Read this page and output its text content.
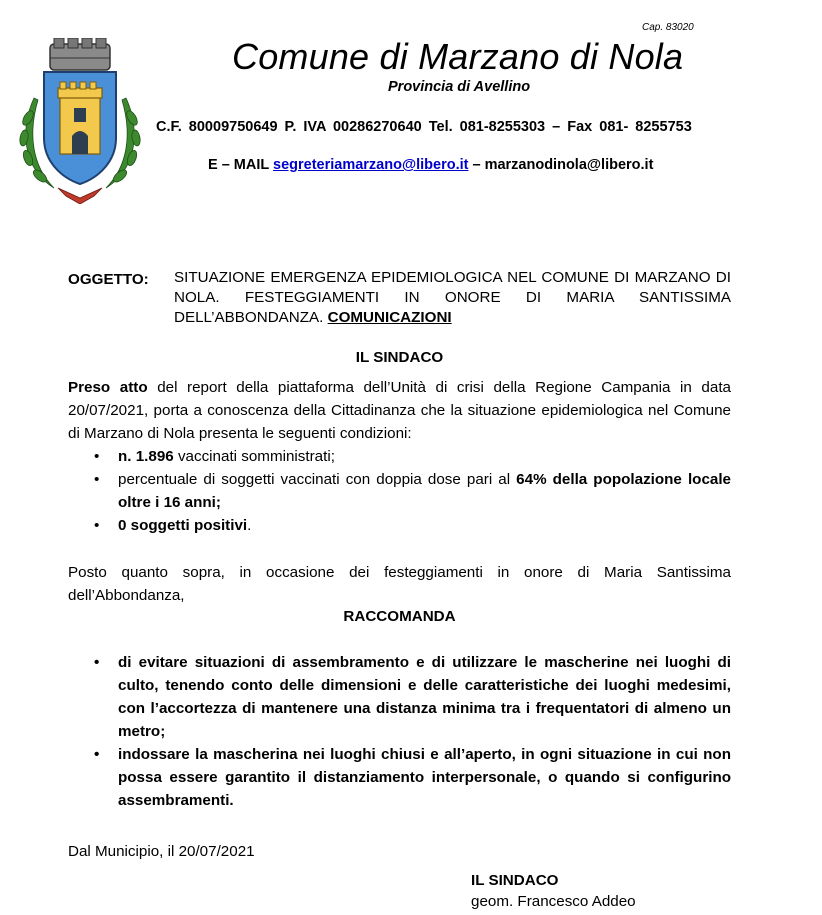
Cap. 83020
Comune di Marzano di Nola
Provincia di Avellino
C.F. 80009750649 P. IVA 00286270640 Tel. 081-8255303 – Fax 081- 8255753
E – MAIL segreteriamarzano@libero.it – marzanodinola@libero.it
OGGETTO:	SITUAZIONE EMERGENZA EPIDEMIOLOGICA NEL COMUNE DI MARZANO DI NOLA. FESTEGGIAMENTI IN ONORE DI MARIA SANTISSIMA DELL’ABBONDANZA. COMUNICAZIONI
IL SINDACO
Preso atto del report della piattaforma dell’Unità di crisi della Regione Campania in data 20/07/2021, porta a conoscenza della Cittadinanza che la situazione epidemiologica nel Comune di Marzano di Nola presenta le seguenti condizioni:
• n. 1.896 vaccinati somministrati;
• percentuale di soggetti vaccinati con doppia dose pari al 64% della popolazione locale oltre i 16 anni;
• 0 soggetti positivi.
Posto quanto sopra, in occasione dei festeggiamenti in onore di Maria Santissima dell’Abbondanza,
RACCOMANDA
• di evitare situazioni di assembramento e di utilizzare le mascherine nei luoghi di culto, tenendo conto delle dimensioni e delle caratteristiche dei luoghi medesimi, con l’accortezza di mantenere una distanza minima tra i frequentatori di almeno un metro;
• indossare la mascherina nei luoghi chiusi e all’aperto, in ogni situazione in cui non possa essere garantito il distanziamento interpersonale, o quando si configurino assembramenti.
Dal Municipio, il 20/07/2021
IL SINDACO
geom. Francesco Addeo
